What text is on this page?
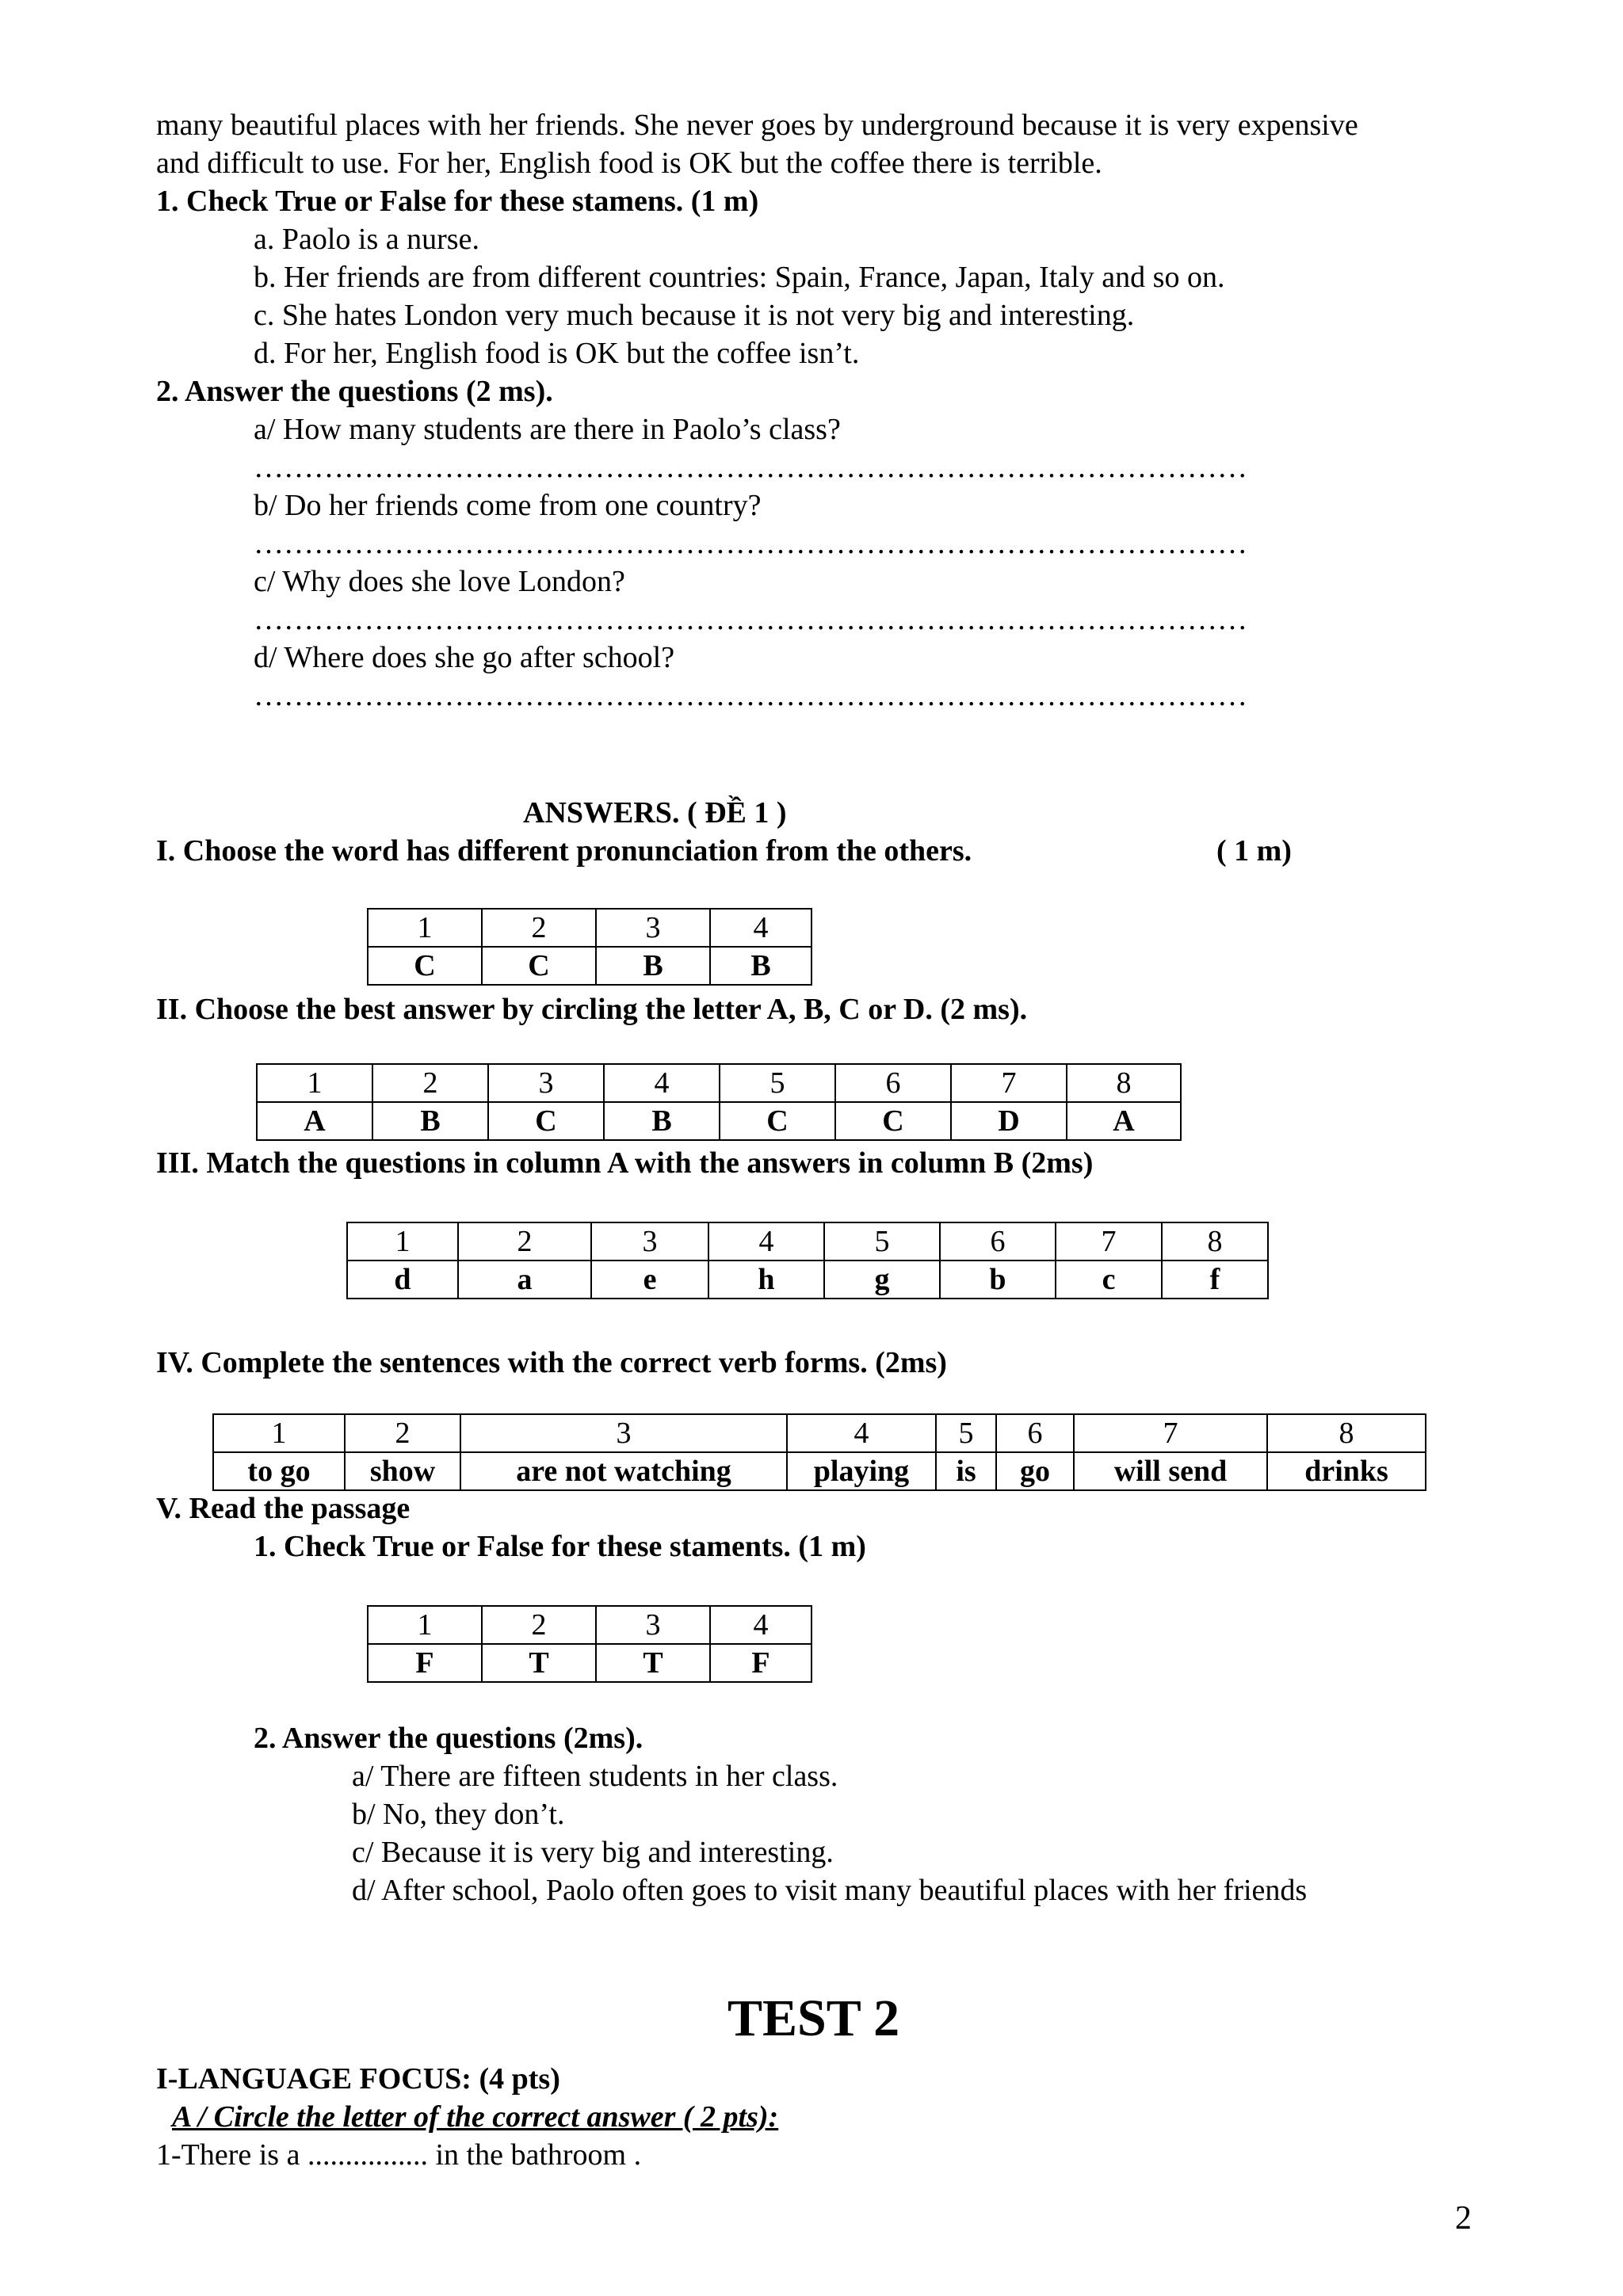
many beautiful places with her friends. She never goes by underground because it is very expensive
and difficult to use. For her, English food is OK but the coffee there is terrible.
1. Check True or False for these stamens. (1 m)
a. Paolo is a nurse.
b. Her friends are from different countries: Spain, France, Japan, Italy and so on.
c. She hates London very much because it is not very big and interesting.
d. For her, English food is OK but the coffee isn’t.
2. Answer the questions (2 ms).
a/ How many students are there in Paolo’s class?
………………………………………………………………………………………
b/ Do her friends come from one country?
………………………………………………………………………………………
c/ Why does she love London?
………………………………………………………………………………………
d/ Where does she go after school?
………………………………………………………………………………………
ANSWERS. ( ĐỀ 1 )
I. Choose the word has different pronunciation from the others.	( 1 m)
1	2	3	4
C	C	B	B
II. Choose the best answer by circling the letter A, B, C or D. (2 ms).
1	2	3	4	5	6	7	8
A	B	C	B	C	C	D	A
III. Match the questions in column A with the answers in column B (2ms)
1	2	3	4	5	6	7	8
d	a	e	h	g	b	c	f
IV. Complete the sentences with the correct verb forms. (2ms)
1	2	3	4	5	6	7	8
to go	show	are not watching	playing	is	go	will send	drinks
V. Read the passage
1. Check True or False for these staments. (1 m)
1	2	3	4
F	T	T	F
2. Answer the questions (2ms).
a/ There are fifteen students in her class.
b/ No, they don’t.
c/ Because it is very big and interesting.
d/ After school, Paolo often goes to visit many beautiful places with her friends
TEST 2
I-LANGUAGE FOCUS: (4 pts)
A / Circle the letter of the correct answer ( 2 pts):
1-There is a ................ in the bathroom .
2
